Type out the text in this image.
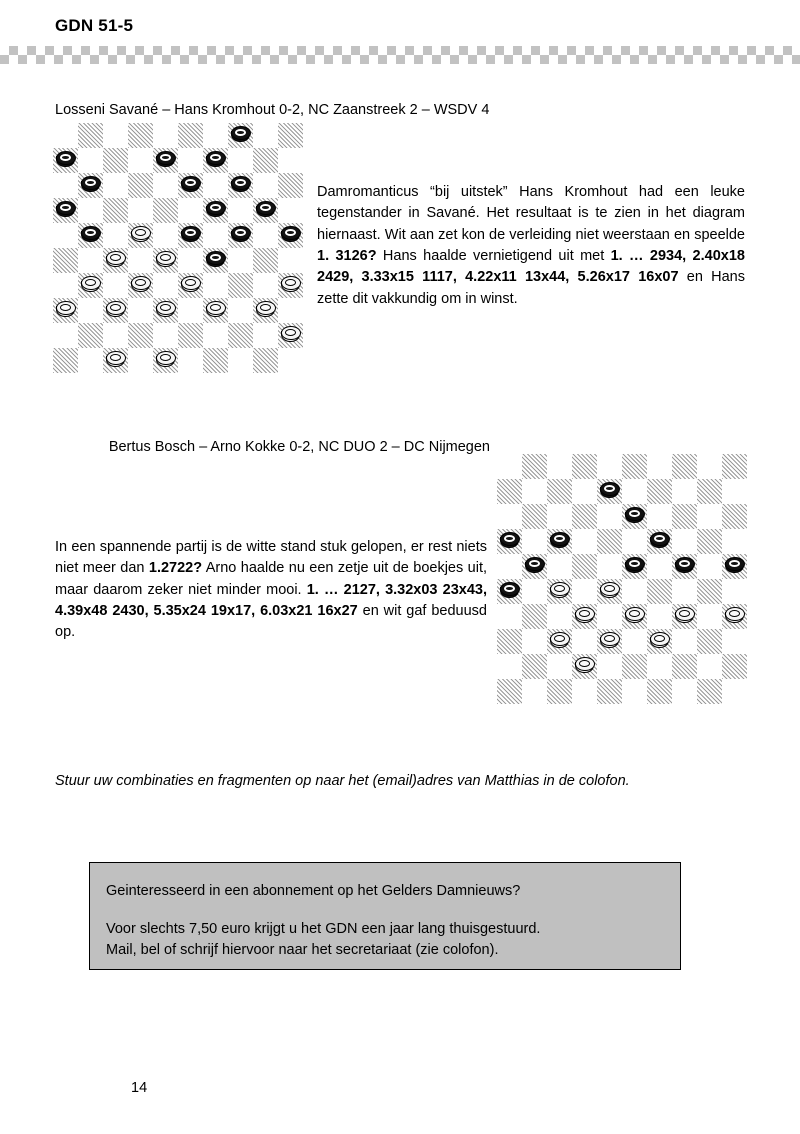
GDN 51-5
Losseni Savané – Hans Kromhout 0-2, NC Zaanstreek 2 – WSDV 4
Damromanticus “bij uitstek” Hans Kromhout had een leuke tegenstander in Savané. Het resultaat is te zien in het diagram hiernaast. Wit aan zet kon de verleiding niet weerstaan en speelde 1. 3126? Hans haalde vernietigend uit met 1. … 2934, 2.40x18 2429, 3.33x15 1117, 4.22x11 13x44, 5.26x17 16x07 en Hans zette dit vakkundig om in winst.
Bertus Bosch – Arno Kokke 0-2, NC DUO 2 – DC Nijmegen
In een spannende partij is de witte stand stuk gelopen, er rest niets niet meer dan 1.2722? Arno haalde nu een zetje uit de boekjes uit, maar daarom zeker niet minder mooi. 1. … 2127, 3.32x03 23x43, 4.39x48 2430, 5.35x24 19x17, 6.03x21 16x27 en wit gaf beduusd op.
Stuur uw combinaties en fragmenten op naar het (email)adres van Matthias in de colofon.
Geinteresseerd in een abonnement op het Gelders Damnieuws?
Voor slechts 7,50 euro krijgt u het GDN een jaar lang thuisgestuurd.
Mail, bel of schrijf hiervoor naar het secretariaat (zie colofon).
14
